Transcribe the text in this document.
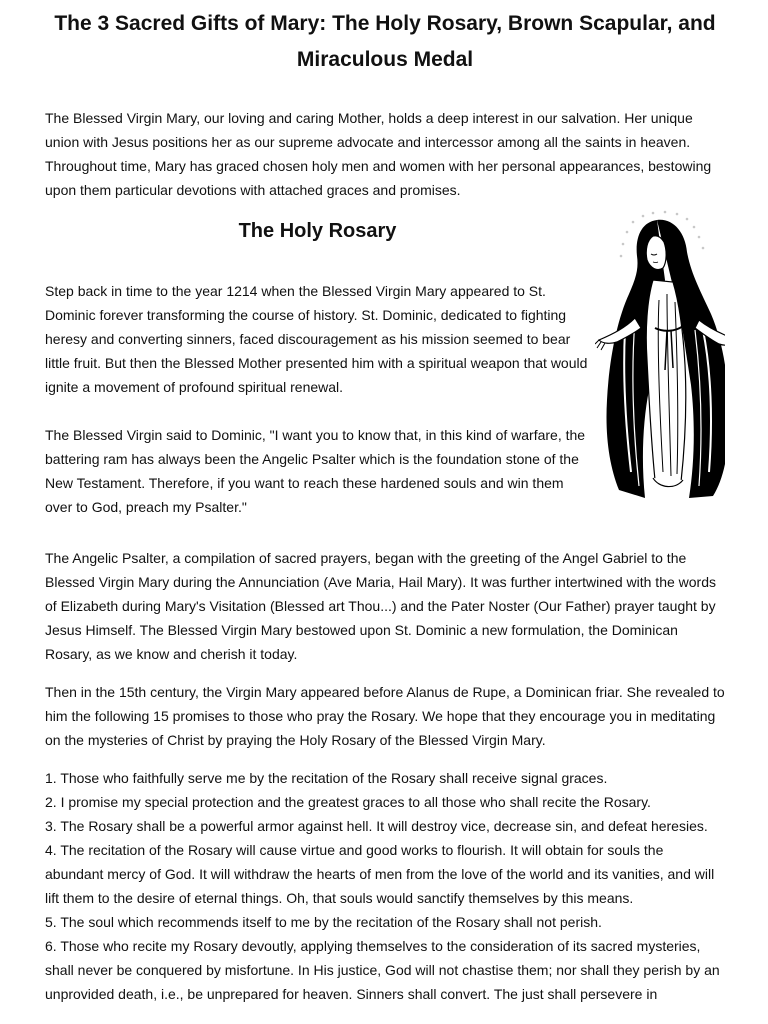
The 3 Sacred Gifts of Mary: The Holy Rosary, Brown Scapular, and Miraculous Medal

The Blessed Virgin Mary, our loving and caring Mother, holds a deep interest in our salvation. Her unique union with Jesus positions her as our supreme advocate and intercessor among all the saints in heaven. Throughout time, Mary has graced chosen holy men and women with her personal appearances, bestowing upon them particular devotions with attached graces and promises.

The Holy Rosary

Step back in time to the year 1214 when the Blessed Virgin Mary appeared to St. Dominic forever transforming the course of history. St. Dominic, dedicated to fighting heresy and converting sinners, faced discouragement as his mission seemed to bear little fruit. But then the Blessed Mother presented him with a spiritual weapon that would ignite a movement of profound spiritual renewal.

The Blessed Virgin said to Dominic, "I want you to know that, in this kind of warfare, the battering ram has always been the Angelic Psalter which is the foundation stone of the New Testament. Therefore, if you want to reach these hardened souls and win them over to God, preach my Psalter."

The Angelic Psalter, a compilation of sacred prayers, began with the greeting of the Angel Gabriel to the Blessed Virgin Mary during the Annunciation (Ave Maria, Hail Mary). It was further intertwined with the words of Elizabeth during Mary's Visitation (Blessed art Thou...) and the Pater Noster (Our Father) prayer taught by Jesus Himself. The Blessed Virgin Mary bestowed upon St. Dominic a new formulation, the Dominican Rosary, as we know and cherish it today.

Then in the 15th century, the Virgin Mary appeared before Alanus de Rupe, a Dominican friar. She revealed to him the following 15 promises to those who pray the Rosary. We hope that they encourage you in meditating on the mysteries of Christ by praying the Holy Rosary of the Blessed Virgin Mary.

1. Those who faithfully serve me by the recitation of the Rosary shall receive signal graces.

2. I promise my special protection and the greatest graces to all those who shall recite the Rosary.

3. The Rosary shall be a powerful armor against hell. It will destroy vice, decrease sin, and defeat heresies.

4. The recitation of the Rosary will cause virtue and good works to flourish. It will obtain for souls the abundant mercy of God. It will withdraw the hearts of men from the love of the world and its vanities, and will lift them to the desire of eternal things. Oh, that souls would sanctify themselves by this means.

5. The soul which recommends itself to me by the recitation of the Rosary shall not perish.

6. Those who recite my Rosary devoutly, applying themselves to the consideration of its sacred mysteries, shall never be conquered by misfortune. In His justice, God will not chastise them; nor shall they perish by an unprovided death, i.e., be unprepared for heaven. Sinners shall convert. The just shall persevere in
